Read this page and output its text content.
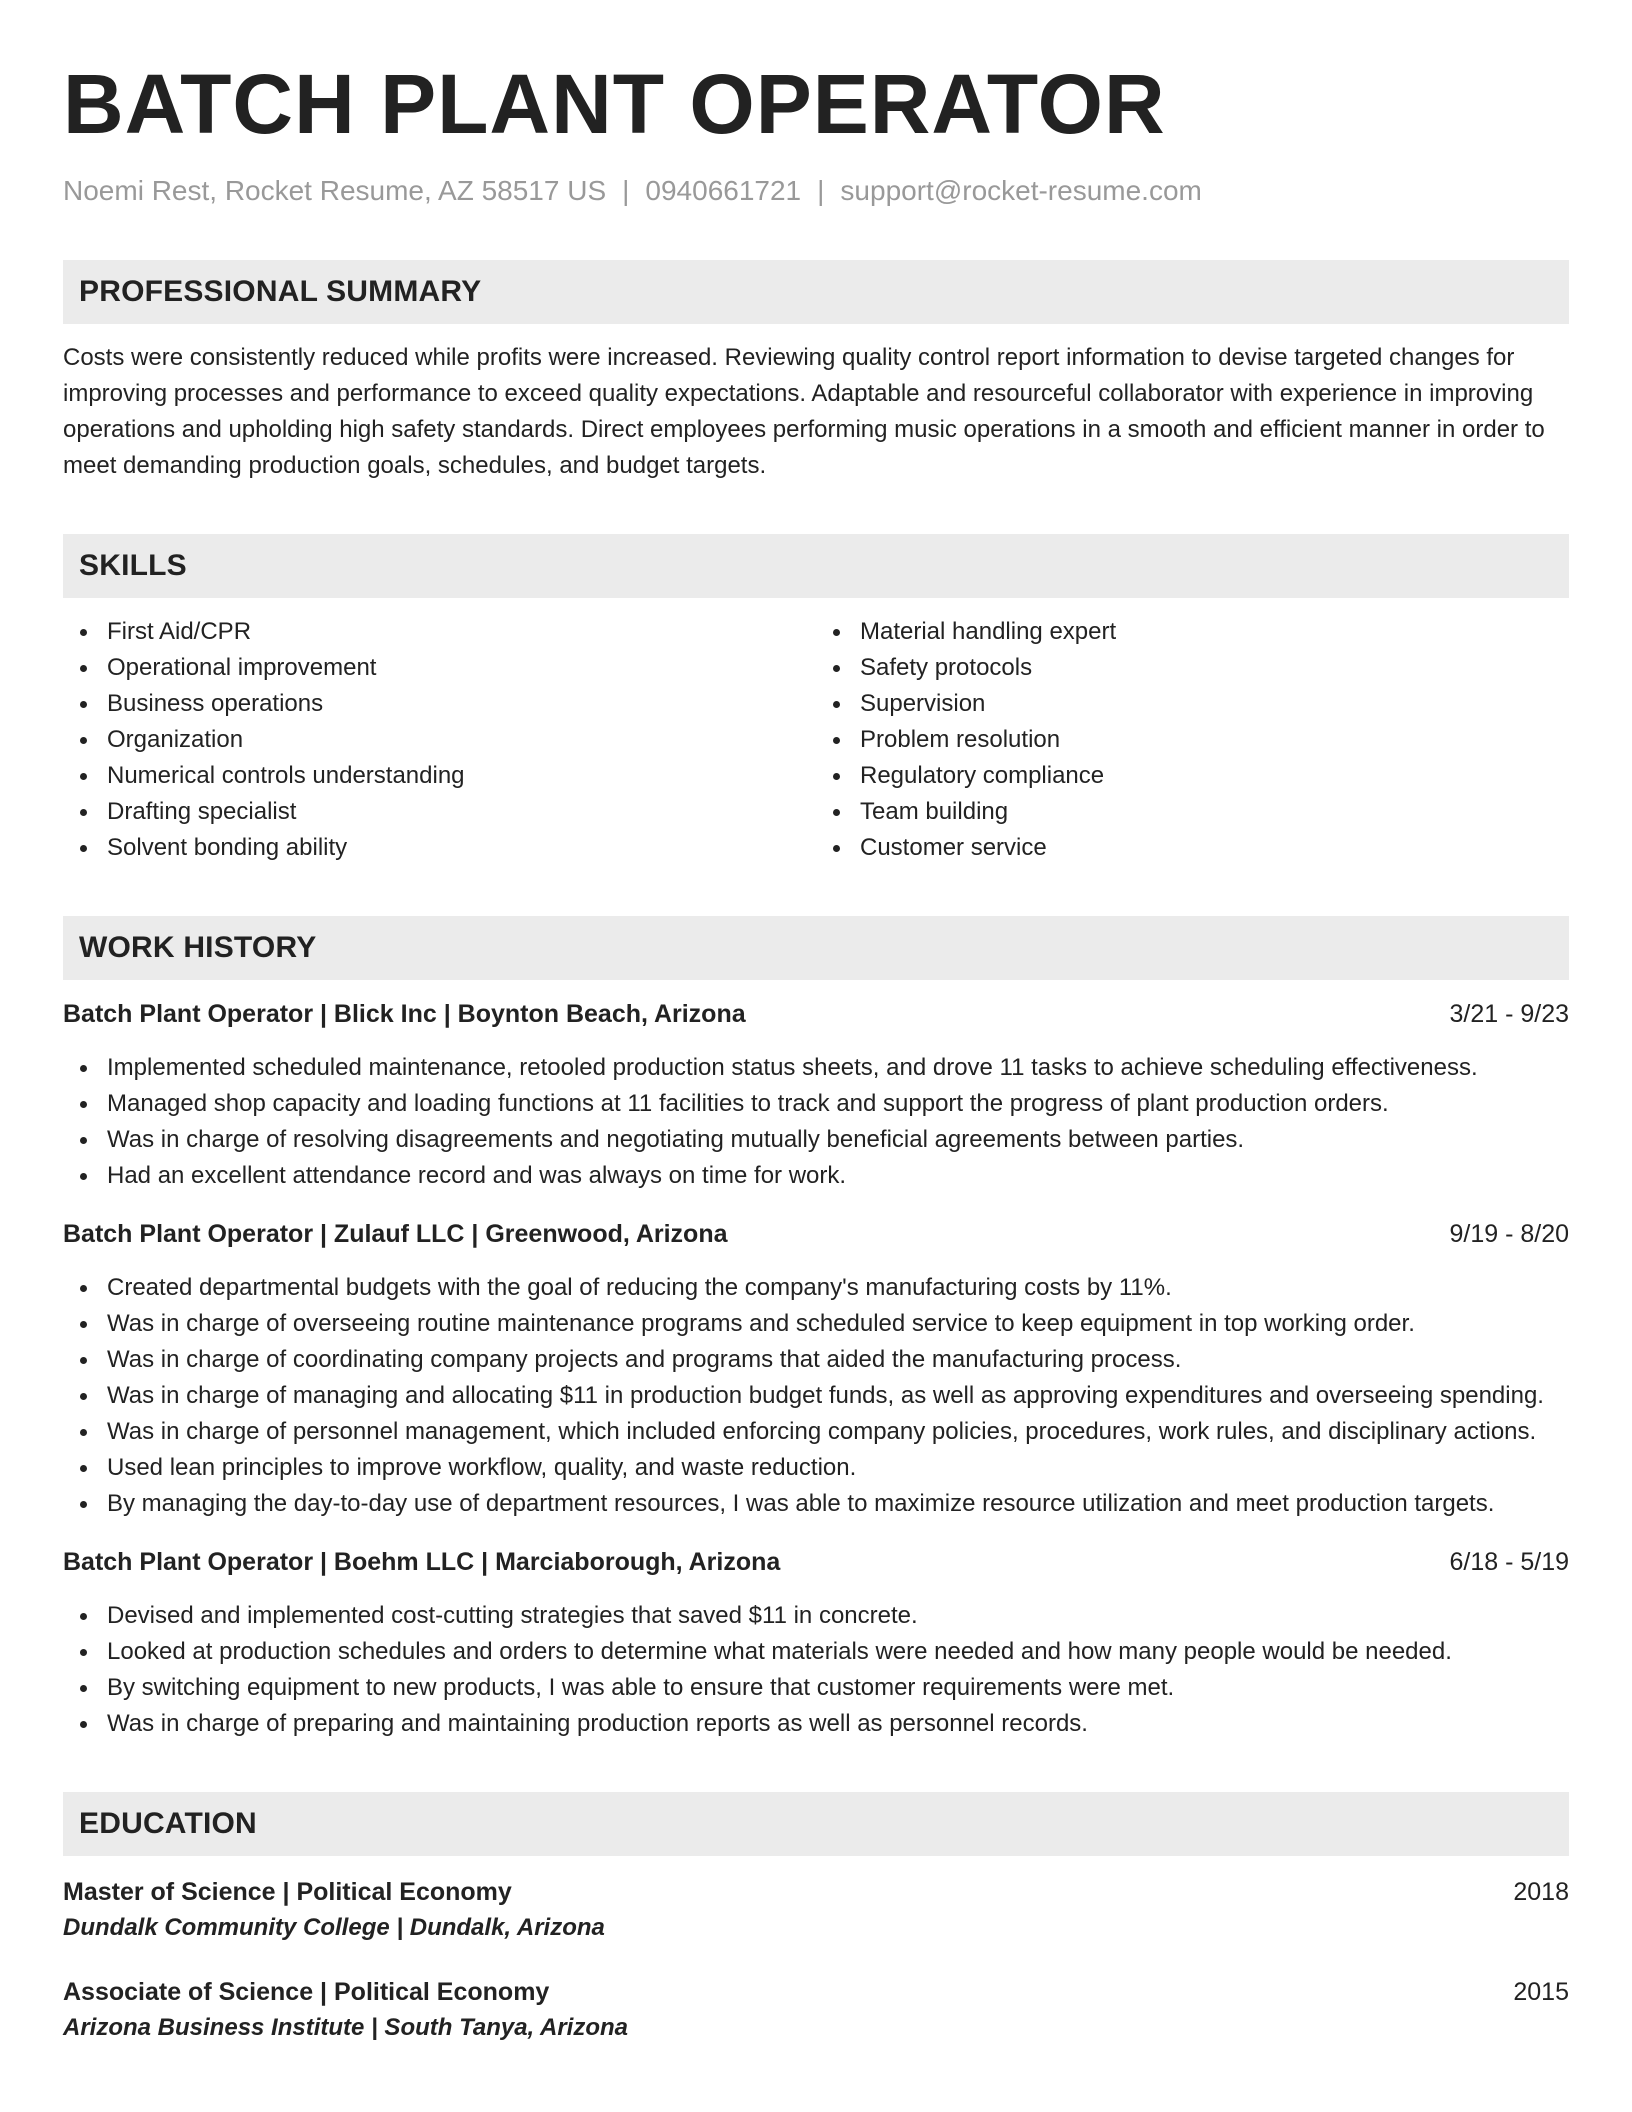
BATCH PLANT OPERATOR
Noemi Rest, Rocket Resume, AZ 58517 US | 0940661721 | support@rocket-resume.com
PROFESSIONAL SUMMARY

Costs were consistently reduced while profits were increased. Reviewing quality control report information to devise targeted changes for improving processes and performance to exceed quality expectations. Adaptable and resourceful collaborator with experience in improving operations and upholding high safety standards. Direct employees performing music operations in a smooth and efficient manner in order to meet demanding production goals, schedules, and budget targets.

SKILLS
First Aid/CPR
Operational improvement
Business operations
Organization
Numerical controls understanding
Drafting specialist
Solvent bonding ability
Material handling expert
Safety protocols
Supervision
Problem resolution
Regulatory compliance
Team building
Customer service
WORK HISTORY
Batch Plant Operator | Blick Inc | Boynton Beach, Arizona	3/21 - 9/23
Implemented scheduled maintenance, retooled production status sheets, and drove 11 tasks to achieve scheduling effectiveness.
Managed shop capacity and loading functions at 11 facilities to track and support the progress of plant production orders.
Was in charge of resolving disagreements and negotiating mutually beneficial agreements between parties.
Had an excellent attendance record and was always on time for work.
Batch Plant Operator | Zulauf LLC | Greenwood, Arizona	9/19 - 8/20
Created departmental budgets with the goal of reducing the company's manufacturing costs by 11%.
Was in charge of overseeing routine maintenance programs and scheduled service to keep equipment in top working order.
Was in charge of coordinating company projects and programs that aided the manufacturing process.
Was in charge of managing and allocating $11 in production budget funds, as well as approving expenditures and overseeing spending.
Was in charge of personnel management, which included enforcing company policies, procedures, work rules, and disciplinary actions.
Used lean principles to improve workflow, quality, and waste reduction.
By managing the day-to-day use of department resources, I was able to maximize resource utilization and meet production targets.
Batch Plant Operator | Boehm LLC | Marciaborough, Arizona	6/18 - 5/19
Devised and implemented cost-cutting strategies that saved $11 in concrete.
Looked at production schedules and orders to determine what materials were needed and how many people would be needed.
By switching equipment to new products, I was able to ensure that customer requirements were met.
Was in charge of preparing and maintaining production reports as well as personnel records.
EDUCATION
Master of Science | Political Economy	2018
Dundalk Community College | Dundalk, Arizona
Associate of Science | Political Economy	2015
Arizona Business Institute | South Tanya, Arizona
